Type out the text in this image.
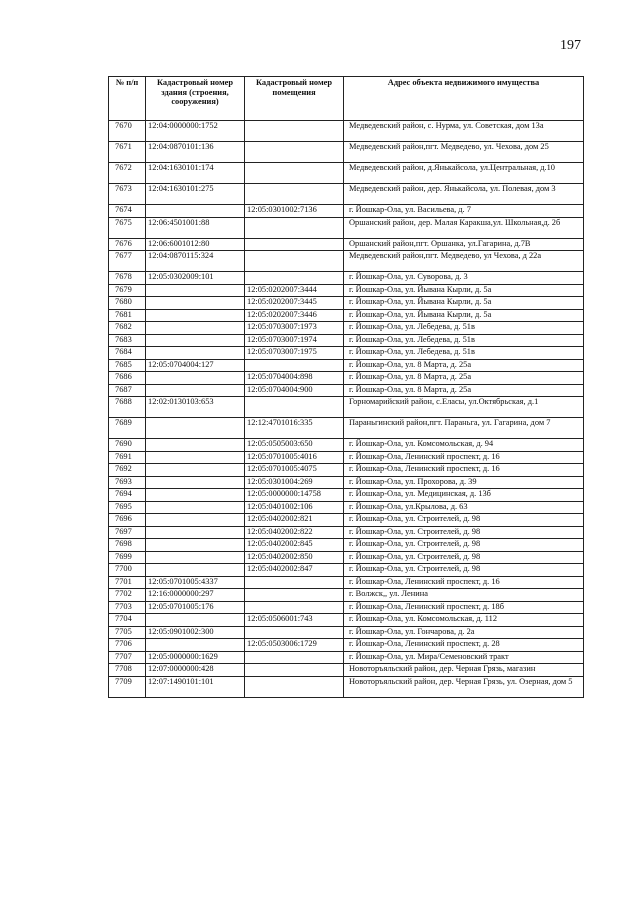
197
№ п/п	Кадастровый номер здания (строения, сооружения)	Кадастровый номер помещения	Адрес объекта недвижимого имущества
7670	12:04:0000000:1752		Медведевский район, с. Нурма, ул. Советская, дом 13а
7671	12:04:0870101:136		Медведевский район,пгт. Медведево, ул. Чехова, дом 25
7672	12:04:1630101:174		Медведевский район, д.Янькайсола, ул.Центральная, д.10
7673	12:04:1630101:275		Медведевский район, дер. Янькайсола, ул. Полевая, дом 3
7674		12:05:0301002:7136	г. Йошкар-Ола, ул. Васильева, д. 7
7675	12:06:4501001:88		Оршанский район, дер. Малая Каракша,ул. Школьная,д. 2б
7676	12:06:6001012:80		Оршанский район,пгт. Оршанка, ул.Гагарина, д.7В
7677	12:04:0870115:324		Медведевский район,пгт. Медведево, ул Чехова, д 22а
7678	12:05:0302009:101		г. Йошкар-Ола, ул. Суворова, д. 3
7679		12:05:0202007:3444	г. Йошкар-Ола, ул. Йывана Кырли, д. 5а
7680		12:05:0202007:3445	г. Йошкар-Ола, ул. Йывана Кырли, д. 5а
7681		12:05:0202007:3446	г. Йошкар-Ола, ул. Йывана Кырли, д. 5а
7682		12:05:0703007:1973	г. Йошкар-Ола, ул. Лебедева, д. 51в
7683		12:05:0703007:1974	г. Йошкар-Ола, ул. Лебедева, д. 51в
7684		12:05:0703007:1975	г. Йошкар-Ола, ул. Лебедева, д. 51в
7685	12:05:0704004:127		г. Йошкар-Ола, ул. 8 Марта, д. 25а
7686		12:05:0704004:898	г. Йошкар-Ола, ул. 8 Марта, д. 25а
7687		12:05:0704004:900	г. Йошкар-Ола, ул. 8 Марта, д. 25а
7688	12:02:0130103:653		Горномарийский район, с.Еласы, ул.Октябрьская, д.1
7689		12:12:4701016:335	Параньгинский район,пгт. Параньга, ул. Гагарина, дом 7
7690		12:05:0505003:650	г. Йошкар-Ола, ул. Комсомольская, д. 94
7691		12:05:0701005:4016	г. Йошкар-Ола, Ленинский проспект, д. 16
7692		12:05:0701005:4075	г. Йошкар-Ола, Ленинский проспект, д. 16
7693		12:05:0301004:269	г. Йошкар-Ола, ул. Прохорова, д. 39
7694		12:05:0000000:14758	г. Йошкар-Ола, ул. Медицинская, д. 13б
7695		12:05:0401002:106	г. Йошкар-Ола, ул.Крылова, д. 63
7696		12:05:0402002:821	г. Йошкар-Ола, ул. Строителей, д. 98
7697		12:05:0402002:822	г. Йошкар-Ола, ул. Строителей, д. 98
7698		12:05:0402002:845	г. Йошкар-Ола, ул. Строителей, д. 98
7699		12:05:0402002:850	г. Йошкар-Ола, ул. Строителей, д. 98
7700		12:05:0402002:847	г. Йошкар-Ола, ул. Строителей, д. 98
7701	12:05:0701005:4337		г. Йошкар-Ола, Ленинский проспект, д. 16
7702	12:16:0000000:297		г. Волжск,, ул. Ленина
7703	12:05:0701005:176		г. Йошкар-Ола, Ленинский проспект, д. 18б
7704		12:05:0506001:743	г. Йошкар-Ола, ул. Комсомольская, д. 112
7705	12:05:0901002:300		г. Йошкар-Ола, ул. Гончарова, д. 2а
7706		12:05:0503006:1729	г. Йошкар-Ола, Ленинский проспект, д. 28
7707	12:05:0000000:1629		г. Йошкар-Ола, ул. Мира/Семеновский тракт
7708	12:07:0000000:428		Новоторъяльский район, дер. Черная Грязь, магазин
7709	12:07:1490101:101		Новоторъяльский район, дер. Черная Грязь, ул. Озерная, дом 5
